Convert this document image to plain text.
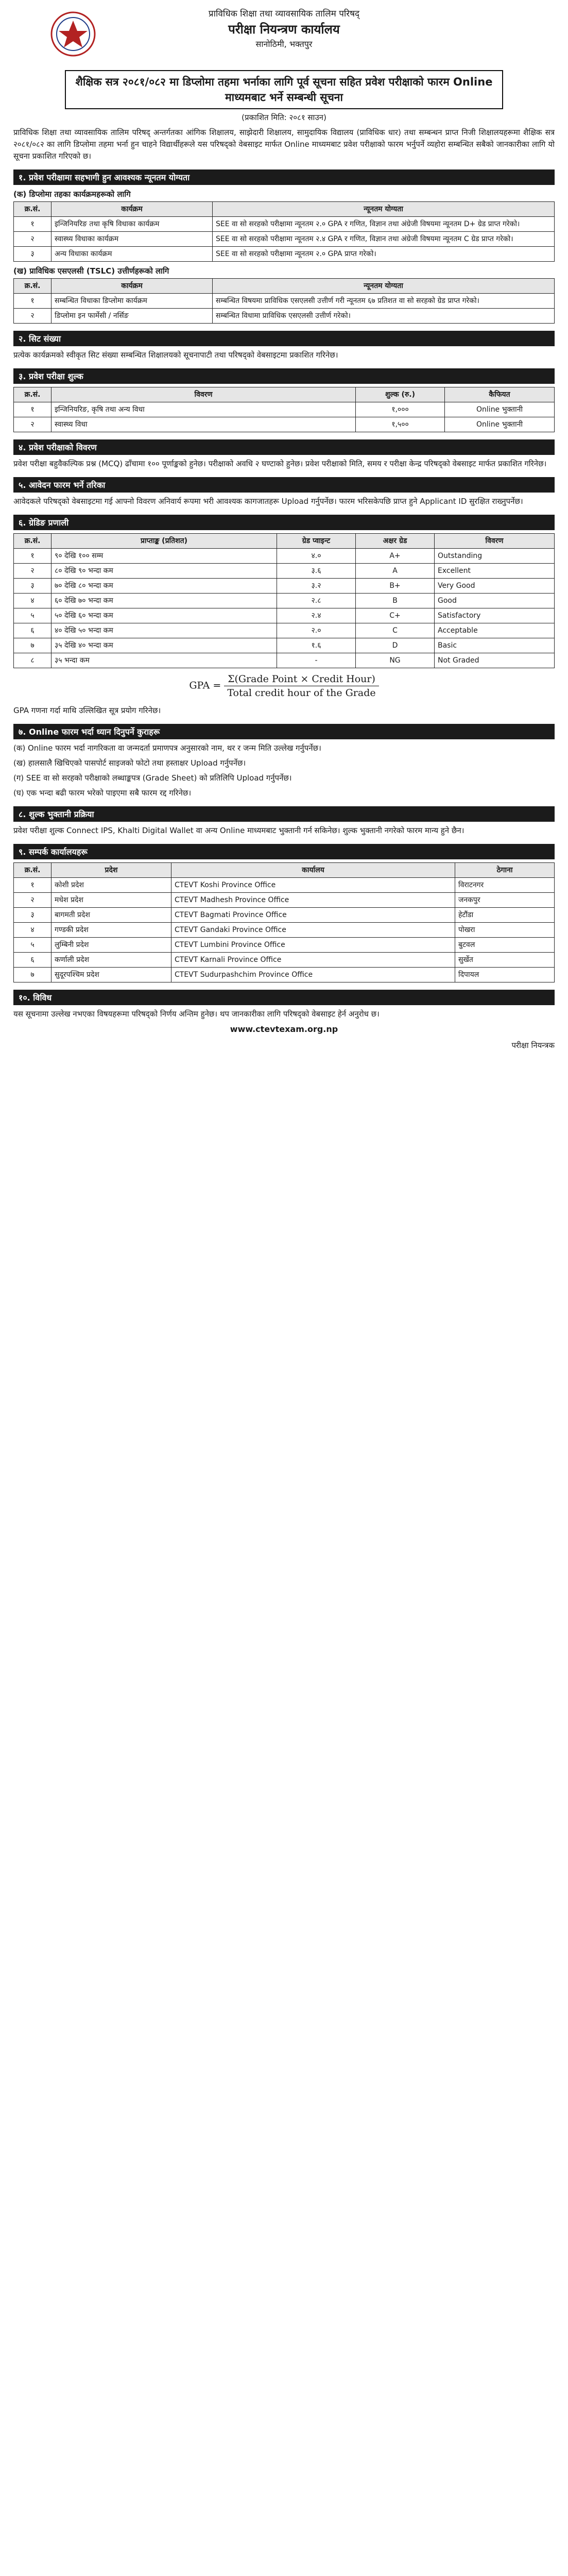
प्राविधिक शिक्षा तथा व्यावसायिक तालिम परिषद्

परीक्षा नियन्त्रण कार्यालय

सानोठिमी, भक्तपुर

शैक्षिक सत्र २०८१/०८२ मा डिप्लोमा तहमा भर्नाका लागि पूर्व सूचना सहित प्रवेश परीक्षाको फारम Online माध्यमबाट भर्ने सम्बन्धी सूचना
(प्रकाशित मिति: २०८१ साउन)

प्राविधिक शिक्षा तथा व्यावसायिक तालिम परिषद् अन्तर्गतका आंगिक शिक्षालय, साझेदारी शिक्षालय, सामुदायिक विद्यालय (प्राविधिक धार) तथा सम्बन्धन प्राप्त निजी शिक्षालयहरूमा शैक्षिक सत्र २०८१/०८२ का लागि डिप्लोमा तहमा भर्ना हुन चाहने विद्यार्थीहरूले यस परिषद्को वेबसाइट मार्फत Online माध्यमबाट प्रवेश परीक्षाको फारम भर्नुपर्ने व्यहोरा सम्बन्धित सबैको जानकारीका लागि यो सूचना प्रकाशित गरिएको छ।

१. प्रवेश परीक्षामा सहभागी हुन आवश्यक न्यूनतम योग्यता
(क) डिप्लोमा तहका कार्यक्रमहरूको लागि
क्र.सं.	कार्यक्रम	न्यूनतम योग्यता
१	इन्जिनियरिङ तथा कृषि विधाका कार्यक्रम	SEE वा सो सरहको परीक्षामा न्यूनतम २.० GPA र गणित, विज्ञान तथा अंग्रेजी विषयमा न्यूनतम D+ ग्रेड प्राप्त गरेको।
२	स्वास्थ्य विधाका कार्यक्रम	SEE वा सो सरहको परीक्षामा न्यूनतम २.४ GPA र गणित, विज्ञान तथा अंग्रेजी विषयमा न्यूनतम C ग्रेड प्राप्त गरेको।
३	अन्य विधाका कार्यक्रम	SEE वा सो सरहको परीक्षामा न्यूनतम २.० GPA प्राप्त गरेको।
(ख) प्राविधिक एसएलसी (TSLC) उत्तीर्णहरूको लागि
क्र.सं.	कार्यक्रम	न्यूनतम योग्यता
१	सम्बन्धित विधाका डिप्लोमा कार्यक्रम	सम्बन्धित विषयमा प्राविधिक एसएलसी उत्तीर्ण गरी न्यूनतम ६७ प्रतिशत वा सो सरहको ग्रेड प्राप्त गरेको।
२	डिप्लोमा इन फार्मेसी / नर्सिङ	सम्बन्धित विधामा प्राविधिक एसएलसी उत्तीर्ण गरेको।
२. सिट संख्या

प्रत्येक कार्यक्रमको स्वीकृत सिट संख्या सम्बन्धित शिक्षालयको सूचनापाटी तथा परिषद्को वेबसाइटमा प्रकाशित गरिनेछ।

३. प्रवेश परीक्षा शुल्क
क्र.सं.	विवरण	शुल्क (रु.)	कैफियत
१	इन्जिनियरिङ, कृषि तथा अन्य विधा	१,०००	Online भुक्तानी
२	स्वास्थ्य विधा	१,५००	Online भुक्तानी
४. प्रवेश परीक्षाको विवरण

प्रवेश परीक्षा बहुवैकल्पिक प्रश्न (MCQ) ढाँचामा १०० पूर्णाङ्कको हुनेछ। परीक्षाको अवधि २ घण्टाको हुनेछ। प्रवेश परीक्षाको मिति, समय र परीक्षा केन्द्र परिषद्को वेबसाइट मार्फत प्रकाशित गरिनेछ।

५. आवेदन फारम भर्ने तरिका

आवेदकले परिषद्को वेबसाइटमा गई आफ्नो विवरण अनिवार्य रूपमा भरी आवश्यक कागजातहरू Upload गर्नुपर्नेछ। फारम भरिसकेपछि प्राप्त हुने Applicant ID सुरक्षित राख्नुपर्नेछ।

६. ग्रेडिङ प्रणाली
क्र.सं.	प्राप्ताङ्क (प्रतिशत)	ग्रेड प्वाइन्ट	अक्षर ग्रेड	विवरण
१	९० देखि १०० सम्म	४.०	A+	Outstanding
२	८० देखि ९० भन्दा कम	३.६	A	Excellent
३	७० देखि ८० भन्दा कम	३.२	B+	Very Good
४	६० देखि ७० भन्दा कम	२.८	B	Good
५	५० देखि ६० भन्दा कम	२.४	C+	Satisfactory
६	४० देखि ५० भन्दा कम	२.०	C	Acceptable
७	३५ देखि ४० भन्दा कम	१.६	D	Basic
८	३५ भन्दा कम	-	NG	Not Graded
GPA = $\frac{\text{Σ(Grade Point × Credit Hour)}}{\text{Total credit hour of the Grade}}$

GPA गणना गर्दा माथि उल्लिखित सूत्र प्रयोग गरिनेछ।

७. Online फारम भर्दा ध्यान दिनुपर्ने कुराहरू

(क) Online फारम भर्दा नागरिकता वा जन्मदर्ता प्रमाणपत्र अनुसारको नाम, थर र जन्म मिति उल्लेख गर्नुपर्नेछ।

(ख) हालसालै खिचिएको पासपोर्ट साइजको फोटो तथा हस्ताक्षर Upload गर्नुपर्नेछ।

(ग) SEE वा सो सरहको परीक्षाको लब्धाङ्कपत्र (Grade Sheet) को प्रतिलिपि Upload गर्नुपर्नेछ।

(घ) एक भन्दा बढी फारम भरेको पाइएमा सबै फारम रद्द गरिनेछ।

८. शुल्क भुक्तानी प्रक्रिया

प्रवेश परीक्षा शुल्क Connect IPS, Khalti Digital Wallet वा अन्य Online माध्यमबाट भुक्तानी गर्न सकिनेछ। शुल्क भुक्तानी नगरेको फारम मान्य हुने छैन।

९. सम्पर्क कार्यालयहरू
क्र.सं.	प्रदेश	कार्यालय	ठेगाना
१	कोशी प्रदेश	CTEVT Koshi Province Office	विराटनगर
२	मधेश प्रदेश	CTEVT Madhesh Province Office	जनकपुर
३	बागमती प्रदेश	CTEVT Bagmati Province Office	हेटौंडा
४	गण्डकी प्रदेश	CTEVT Gandaki Province Office	पोखरा
५	लुम्बिनी प्रदेश	CTEVT Lumbini Province Office	बुटवल
६	कर्णाली प्रदेश	CTEVT Karnali Province Office	सुर्खेत
७	सुदूरपश्चिम प्रदेश	CTEVT Sudurpashchim Province Office	दिपायल
१०. विविध

यस सूचनामा उल्लेख नभएका विषयहरूमा परिषद्को निर्णय अन्तिम हुनेछ। थप जानकारीका लागि परिषद्को वेबसाइट हेर्न अनुरोध छ।

www.ctevtexam.org.np
परीक्षा नियन्त्रक
